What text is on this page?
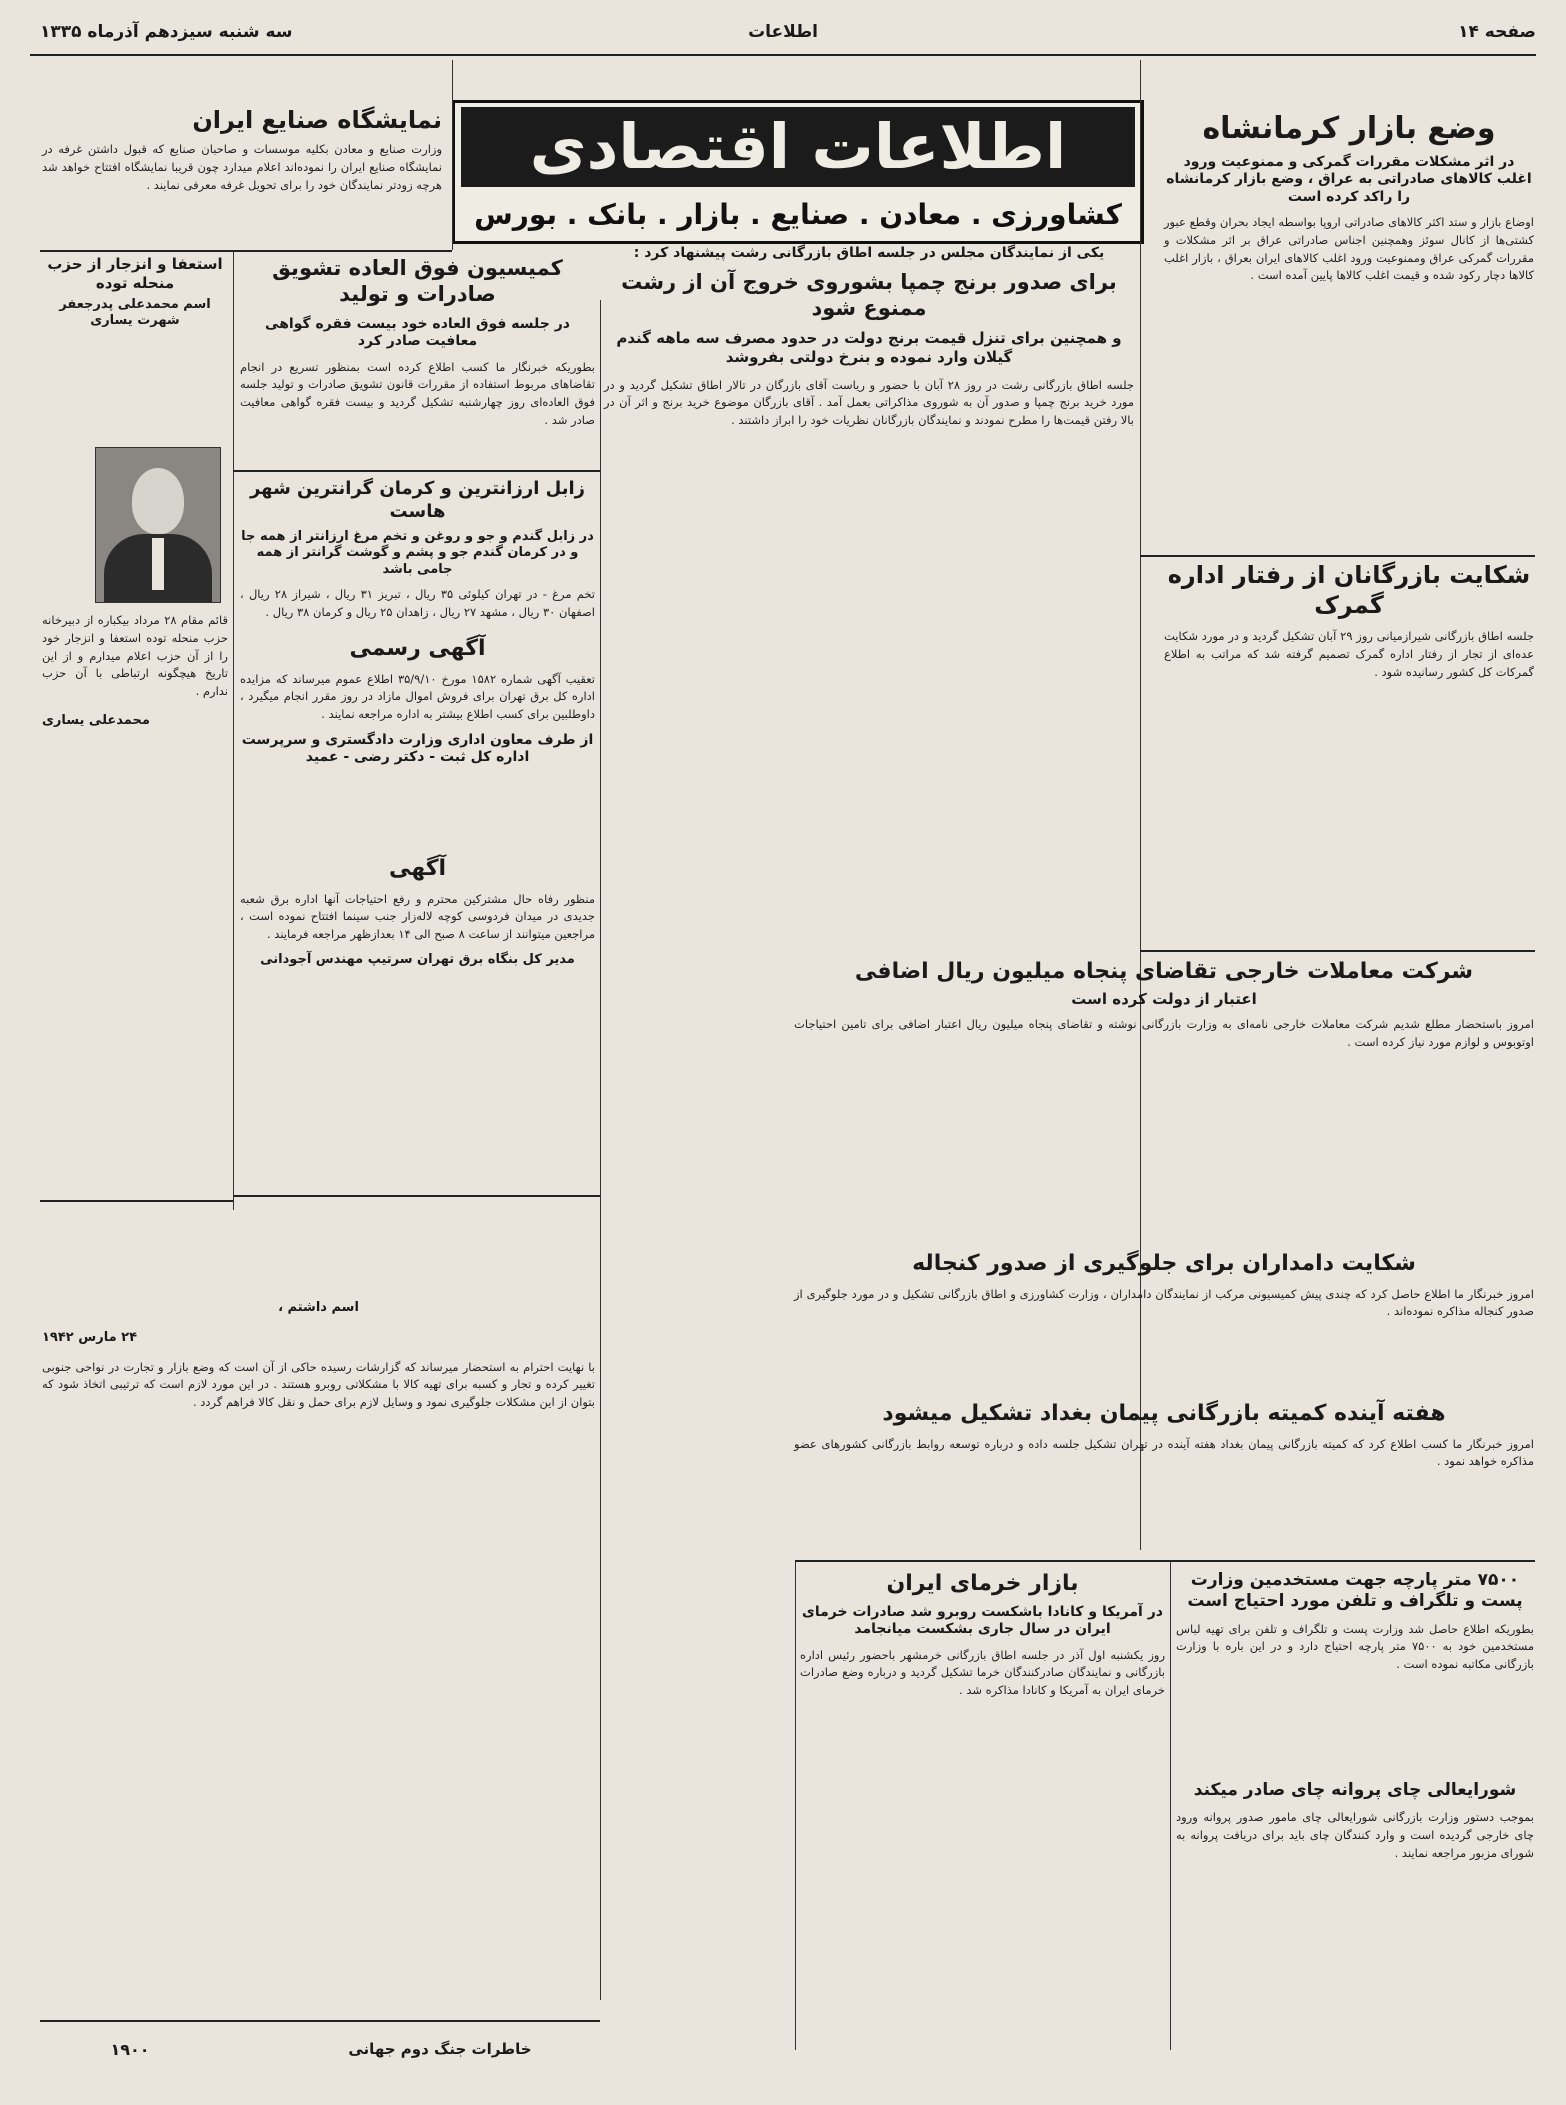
صفحه ۱۴
اطلاعات
سه شنبه سیزدهم آذرماه ۱۳۳۵
اطلاعات اقتصادی
کشاورزی . معادن . صنایع . بازار . بانک . بورس
وضع بازار کرمانشاه
در اثر مشکلات مقررات گمرکی و ممنوعیت ورود اغلب کالاهای صادراتی به عراق ، وضع بازار کرمانشاه را راکد کرده است
اوضاع بازار و ستد اکثر کالاهای صادراتی اروپا بواسطه ایجاد بحران وقطع عبور کشتی‌ها از کانال سوئز وهمچنین اجناس صادراتی عراق بر اثر مشکلات و مقررات گمرکی عراق وممنوعیت ورود اغلب کالاهای ایران بعراق ، بازار اغلب کالاها دچار رکود شده و قیمت اغلب کالاها پایین آمده است .
شکایت بازرگانان از رفتار اداره گمرک
جلسه اطاق بازرگانی شیرازمیانی روز ۲۹ آبان تشکیل گردید و در مورد شکایت عده‌ای از تجار از رفتار اداره گمرک تصمیم گرفته شد که مراتب به اطلاع گمرکات کل کشور رسانیده شود .
نمایشگاه صنایع ایران
وزارت صنایع و معادن بکلیه موسسات و صاحبان صنایع که قبول داشتن غرفه در نمایشگاه صنایع ایران را نموده‌اند اعلام میدارد چون قریبا نمایشگاه افتتاح خواهد شد هرچه زودتر نمایندگان خود را برای تحویل غرفه معرفی نمایند .
یکی از نمایندگان مجلس در جلسه اطاق بازرگانی رشت پیشنهاد کرد :
برای صدور برنج چمپا بشوروی خروج آن از رشت ممنوع شود
و همچنین برای تنزل قیمت برنج دولت در حدود مصرف سه ماهه گندم گیلان وارد نموده و بنرخ دولتی بفروشد
جلسه اطاق بازرگانی رشت در روز ۲۸ آبان با حضور و ریاست آقای بازرگان در تالار اطاق تشکیل گردید و در مورد خرید برنج چمپا و صدور آن به شوروی مذاکراتی بعمل آمد . آقای بازرگان موضوع خرید برنج و اثر آن در بالا رفتن قیمت‌ها را مطرح نمودند و نمایندگان بازرگانان نظریات خود را ابراز داشتند .
کمیسیون فوق العاده تشویق صادرات و تولید
در جلسه فوق العاده خود بیست فقره گواهی معافیت صادر کرد
بطوریکه خبرنگار ما کسب اطلاع کرده است بمنظور تسریع در انجام تقاضاهای مربوط استفاده از مقررات قانون تشویق صادرات و تولید جلسه فوق العاده‌ای روز چهارشنبه تشکیل گردید و بیست فقره گواهی معافیت صادر شد .
استعفا و انزجار از حزب منحله توده
اسم محمدعلی پدرجعفر شهرت یساری
قائم مقام ۲۸ مرداد بیکباره از دبیرخانه حزب منحله توده استعفا و انزجار خود را از آن حزب اعلام میدارم و از این تاریخ هیچگونه ارتباطی با آن حزب ندارم .
محمدعلی یساری
زابل ارزانترین و کرمان گرانترین شهر هاست
در زابل گندم و جو و روغن و تخم مرغ ارزانتر از همه جا و در کرمان گندم جو و پشم و گوشت گرانتر از همه جامی باشد
تخم مرغ - در تهران کیلوئی ۳۵ ریال ، تبریز ۳۱ ریال ، شیراز ۲۸ ریال ، اصفهان ۳۰ ریال ، مشهد ۲۷ ریال ، زاهدان ۲۵ ریال و کرمان ۳۸ ریال .
آگهی رسمی
تعقیب آگهی شماره ۱۵۸۲ مورخ ۳۵/۹/۱۰ اطلاع عموم میرساند که مزایده اداره کل برق تهران برای فروش اموال مازاد در روز مقرر انجام میگیرد ، داوطلبین برای کسب اطلاع بیشتر به اداره مراجعه نمایند .
از طرف معاون اداری وزارت دادگستری و سرپرست اداره کل ثبت - دکتر رضی - عمید
آگهی
منظور رفاه حال مشترکین محترم و رفع احتیاجات آنها اداره برق شعبه جدیدی در میدان فردوسی کوچه لاله‌زار جنب سینما افتتاح نموده است ، مراجعین میتوانند از ساعت ۸ صبح الی ۱۴ بعدازظهر مراجعه فرمایند .
مدیر کل بنگاه برق تهران سرتیپ مهندس آجودانی
اسم داشتم ،
۲۴ مارس ۱۹۴۲
با نهایت احترام به استحضار میرساند که گزارشات رسیده حاکی از آن است که وضع بازار و تجارت در نواحی جنوبی تغییر کرده و تجار و کسبه برای تهیه کالا با مشکلاتی روبرو هستند . در این مورد لازم است که ترتیبی اتخاذ شود که بتوان از این مشکلات جلوگیری نمود و وسایل لازم برای حمل و نقل کالا فراهم گردد .
خاطرات جنگ دوم جهانی
۱۹۰۰
شرکت معاملات خارجی تقاضای پنجاه میلیون ریال اضافی
اعتبار از دولت کرده است
امروز باستحضار مطلع شدیم شرکت معاملات خارجی نامه‌ای به وزارت بازرگانی نوشته و تقاضای پنجاه میلیون ریال اعتبار اضافی برای تامین احتیاجات اوتوبوس و لوازم مورد نیاز کرده است .
شکایت دامداران برای جلوگیری از صدور کنجاله
امروز خبرنگار ما اطلاع حاصل کرد که چندی پیش کمیسیونی مرکب از نمایندگان دامداران ، وزارت کشاورزی و اطاق بازرگانی تشکیل و در مورد جلوگیری از صدور کنجاله مذاکره نموده‌اند .
هفته آینده کمیته بازرگانی پیمان بغداد تشکیل میشود
امروز خبرنگار ما کسب اطلاع کرد که کمیته بازرگانی پیمان بغداد هفته آینده در تهران تشکیل جلسه داده و درباره توسعه روابط بازرگانی کشورهای عضو مذاکره خواهد نمود .
بازار خرمای ایران
در آمریکا و کانادا باشکست روبرو شد صادرات خرمای ایران در سال جاری بشکست میانجامد
روز یکشنبه اول آذر در جلسه اطاق بازرگانی خرمشهر باحضور رئیس اداره بازرگانی و نمایندگان صادرکنندگان خرما تشکیل گردید و درباره وضع صادرات خرمای ایران به آمریکا و کانادا مذاکره شد .
۷۵۰۰ متر پارچه جهت مستخدمین وزارت پست و تلگراف و تلفن مورد احتیاج است
بطوریکه اطلاع حاصل شد وزارت پست و تلگراف و تلفن برای تهیه لباس مستخدمین خود به ۷۵۰۰ متر پارچه احتیاج دارد و در این باره با وزارت بازرگانی مکاتبه نموده است .
شورایعالی چای پروانه چای صادر میکند
بموجب دستور وزارت بازرگانی شورایعالی چای مامور صدور پروانه ورود چای خارجی گردیده است و وارد کنندگان چای باید برای دریافت پروانه به شورای مزبور مراجعه نمایند .
